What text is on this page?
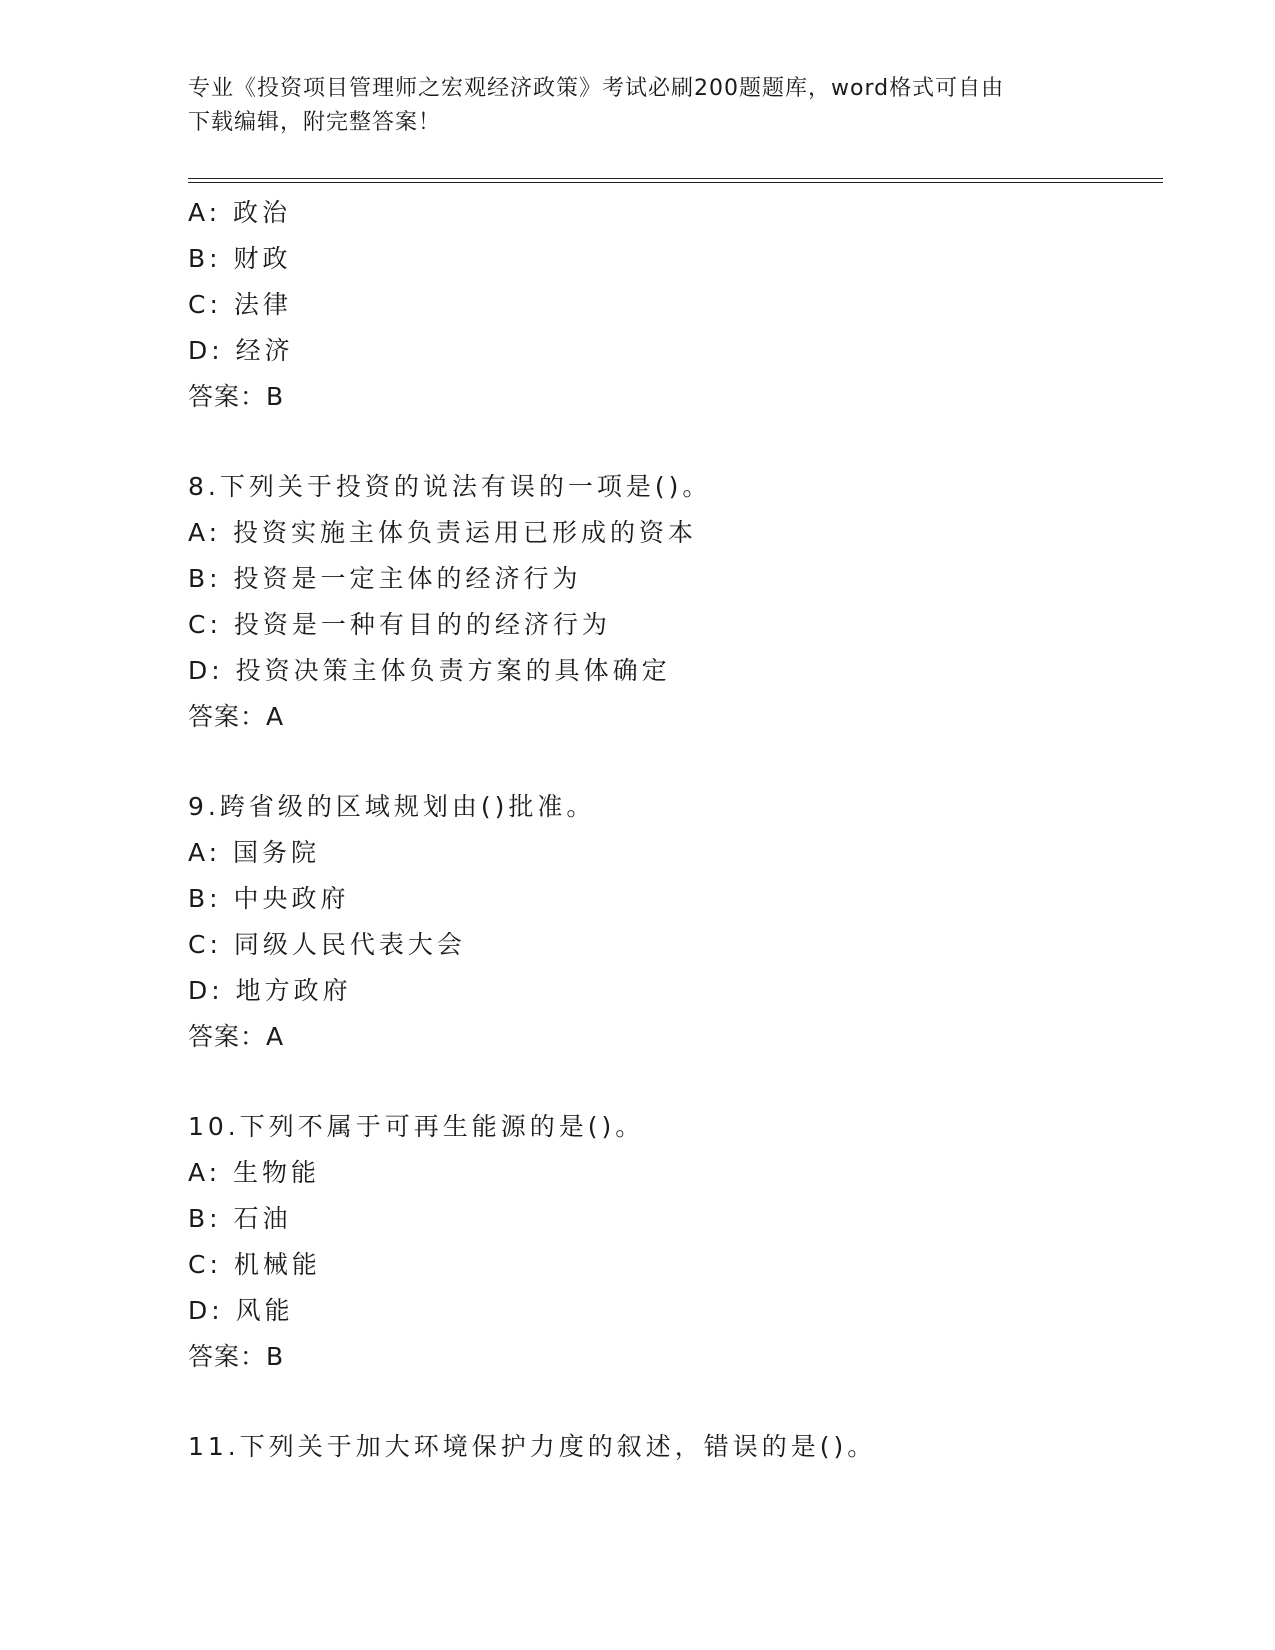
专业《投资项目管理师之宏观经济政策》考试必刷200题题库，word格式可自由
下载编辑，附完整答案！
A: 政治
B: 财政
C: 法律
D: 经济
答案：B
8.下列关于投资的说法有误的一项是()。
A: 投资实施主体负责运用已形成的资本
B: 投资是一定主体的经济行为
C: 投资是一种有目的的经济行为
D: 投资决策主体负责方案的具体确定
答案：A
9.跨省级的区域规划由()批准。
A: 国务院
B: 中央政府
C: 同级人民代表大会
D: 地方政府
答案：A
10.下列不属于可再生能源的是()。
A: 生物能
B: 石油
C: 机械能
D: 风能
答案：B
11.下列关于加大环境保护力度的叙述，错误的是()。
